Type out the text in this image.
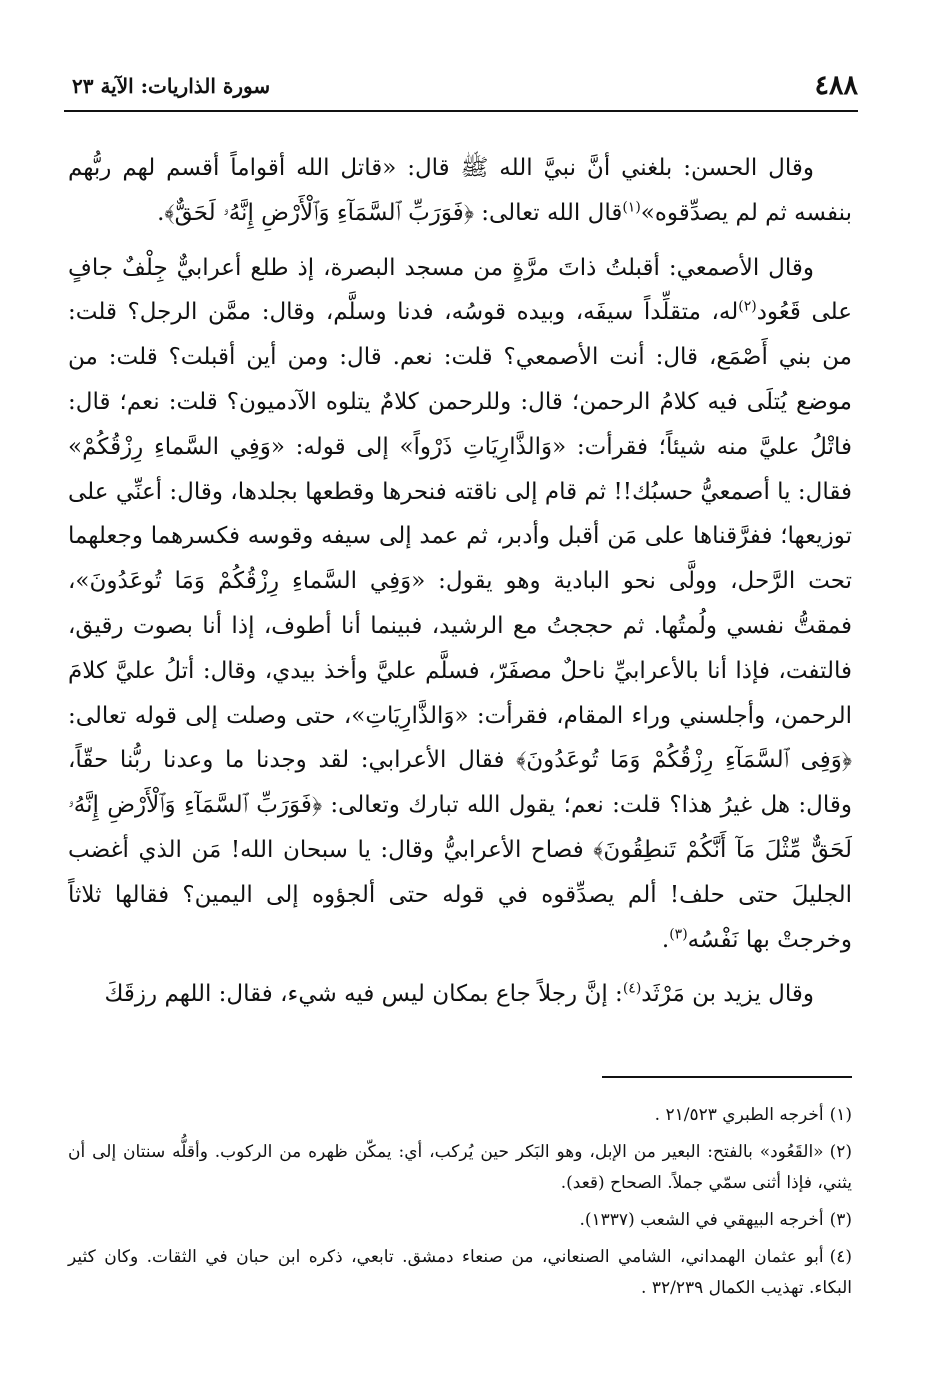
٤٨٨
سورة الذاريات: الآية ٢٣

وقال الحسن: بلغني أنَّ نبيَّ الله ﷺ قال: «قاتل الله أقواماً أقسم لهم ربُّهم بنفسه ثم لم يصدِّقوه»$^{(١)}$قال الله تعالى: ﴿فَوَرَبِّ ٱلسَّمَآءِ وَٱلْأَرْضِ إِنَّهُۥ لَحَقٌّ﴾.

وقال الأصمعي: أقبلتُ ذاتَ مرَّةٍ من مسجد البصرة، إذ طلع أعرابيٌّ جِلْفٌ جافٍ على قَعُود$^{(٢)}$له، متقلِّداً سيفَه، وبيده قوسُه، فدنا وسلَّم، وقال: ممَّن الرجل؟ قلت: من بني أَصْمَع، قال: أنت الأصمعي؟ قلت: نعم. قال: ومن أين أقبلت؟ قلت: من موضع يُتلَى فيه كلامُ الرحمن؛ قال: وللرحمن كلامٌ يتلوه الآدميون؟ قلت: نعم؛ قال: فاتْلُ عليَّ منه شيئاً؛ فقرأت: «وَالذَّارِيَاتِ ذَرْواً» إلى قوله: «وَفِي السَّماءِ رِزْقُكُمْ» فقال: يا أصمعيُّ حسبُك!! ثم قام إلى ناقته فنحرها وقطعها بجلدها، وقال: أعنِّي على توزيعها؛ ففرَّقناها على مَن أقبل وأدبر، ثم عمد إلى سيفه وقوسه فكسرهما وجعلهما تحت الرَّحل، وولَّى نحو البادية وهو يقول: «وَفِي السَّماءِ رِزْقُكُمْ وَمَا تُوعَدُونَ»، فمقتُّ نفسي ولُمتُها. ثم حججتُ مع الرشيد، فبينما أنا أطوف، إذا أنا بصوت رقيق، فالتفت، فإذا أنا بالأعرابيِّ ناحلٌ مصفَرّ، فسلَّم عليَّ وأخذ بيدي، وقال: أتلُ عليَّ كلامَ الرحمن، وأجلسني وراء المقام، فقرأت: «وَالذَّارِيَاتِ»، حتى وصلت إلى قوله تعالى: ﴿وَفِى ٱلسَّمَآءِ رِزْقُكُمْ وَمَا تُوعَدُونَ﴾ فقال الأعرابي: لقد وجدنا ما وعدنا ربُّنا حقّاً، وقال: هل غيرُ هذا؟ قلت: نعم؛ يقول الله تبارك وتعالى: ﴿فَوَرَبِّ ٱلسَّمَآءِ وَٱلْأَرْضِ إِنَّهُۥ لَحَقٌّ مِّثْلَ مَآ أَنَّكُمْ تَنطِقُونَ﴾ فصاح الأعرابيُّ وقال: يا سبحان الله! مَن الذي أغضب الجليلَ حتى حلف! ألم يصدِّقوه في قوله حتى ألجؤوه إلى اليمين؟ فقالها ثلاثاً وخرجتْ بها نَفْسُه$^{(٣)}$.

وقال يزيد بن مَرْثَد$^{(٤)}$: إنَّ رجلاً جاع بمكان ليس فيه شيء، فقال: اللهم رزقَكَ

(١)أخرجه الطبري ٢١/٥٢٣ .

(٢)«القَعُود» بالفتح: البعير من الإبل، وهو البَكر حين يُركب، أي: يمكّن ظهره من الركوب. وأقلُّه سنتان إلى أن يثني، فإذا أثنى سمّي جملاً. الصحاح (قعد).

(٣)أخرجه البيهقي في الشعب (١٣٣٧).

(٤)أبو عثمان الهمداني، الشامي الصنعاني، من صنعاء دمشق. تابعي، ذكره ابن حبان في الثقات. وكان كثير البكاء. تهذيب الكمال ٣٢/٢٣٩ .
